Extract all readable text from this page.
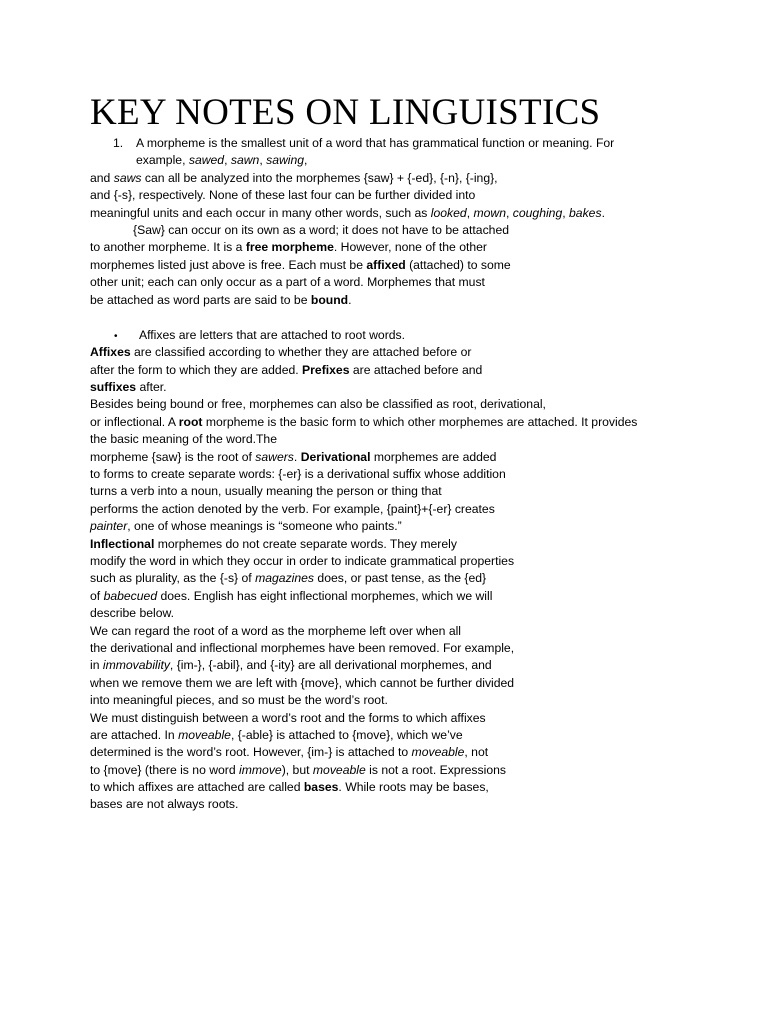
KEY NOTES ON LINGUISTICS
1. A morpheme is the smallest unit of a word that has grammatical function or meaning. For
example, sawed, sawn, sawing,
and saws can all be analyzed into the morphemes {saw} + {-ed}, {-n}, {-ing},
and {-s}, respectively. None of these last four can be further divided into
meaningful units and each occur in many other words, such as looked, mown, coughing, bakes.
{Saw} can occur on its own as a word; it does not have to be attached
to another morpheme. It is a free morpheme. However, none of the other
morphemes listed just above is free. Each must be affixed (attached) to some
other unit; each can only occur as a part of a word. Morphemes that must
be attached as word parts are said to be bound.
• Affixes are letters that are attached to root words.
Affixes are classified according to whether they are attached before or
after the form to which they are added. Prefixes are attached before and
suffixes after.
Besides being bound or free, morphemes can also be classified as root, derivational,
or inflectional. A root morpheme is the basic form to which other morphemes are attached. It provides
the basic meaning of the word.The
morpheme {saw} is the root of sawers. Derivational morphemes are added
to forms to create separate words: {-er} is a derivational suffix whose addition
turns a verb into a noun, usually meaning the person or thing that
performs the action denoted by the verb. For example, {paint}+{-er} creates
painter, one of whose meanings is “someone who paints.”
Inflectional morphemes do not create separate words. They merely
modify the word in which they occur in order to indicate grammatical properties
such as plurality, as the {-s} of magazines does, or past tense, as the {ed}
of babecued does. English has eight inflectional morphemes, which we will
describe below.
We can regard the root of a word as the morpheme left over when all
the derivational and inflectional morphemes have been removed. For example,
in immovability, {im-}, {-abil}, and {-ity} are all derivational morphemes, and
when we remove them we are left with {move}, which cannot be further divided
into meaningful pieces, and so must be the word’s root.
We must distinguish between a word’s root and the forms to which affixes
are attached. In moveable, {-able} is attached to {move}, which we’ve
determined is the word’s root. However, {im-} is attached to moveable, not
to {move} (there is no word immove), but moveable is not a root. Expressions
to which affixes are attached are called bases. While roots may be bases,
bases are not always roots.
